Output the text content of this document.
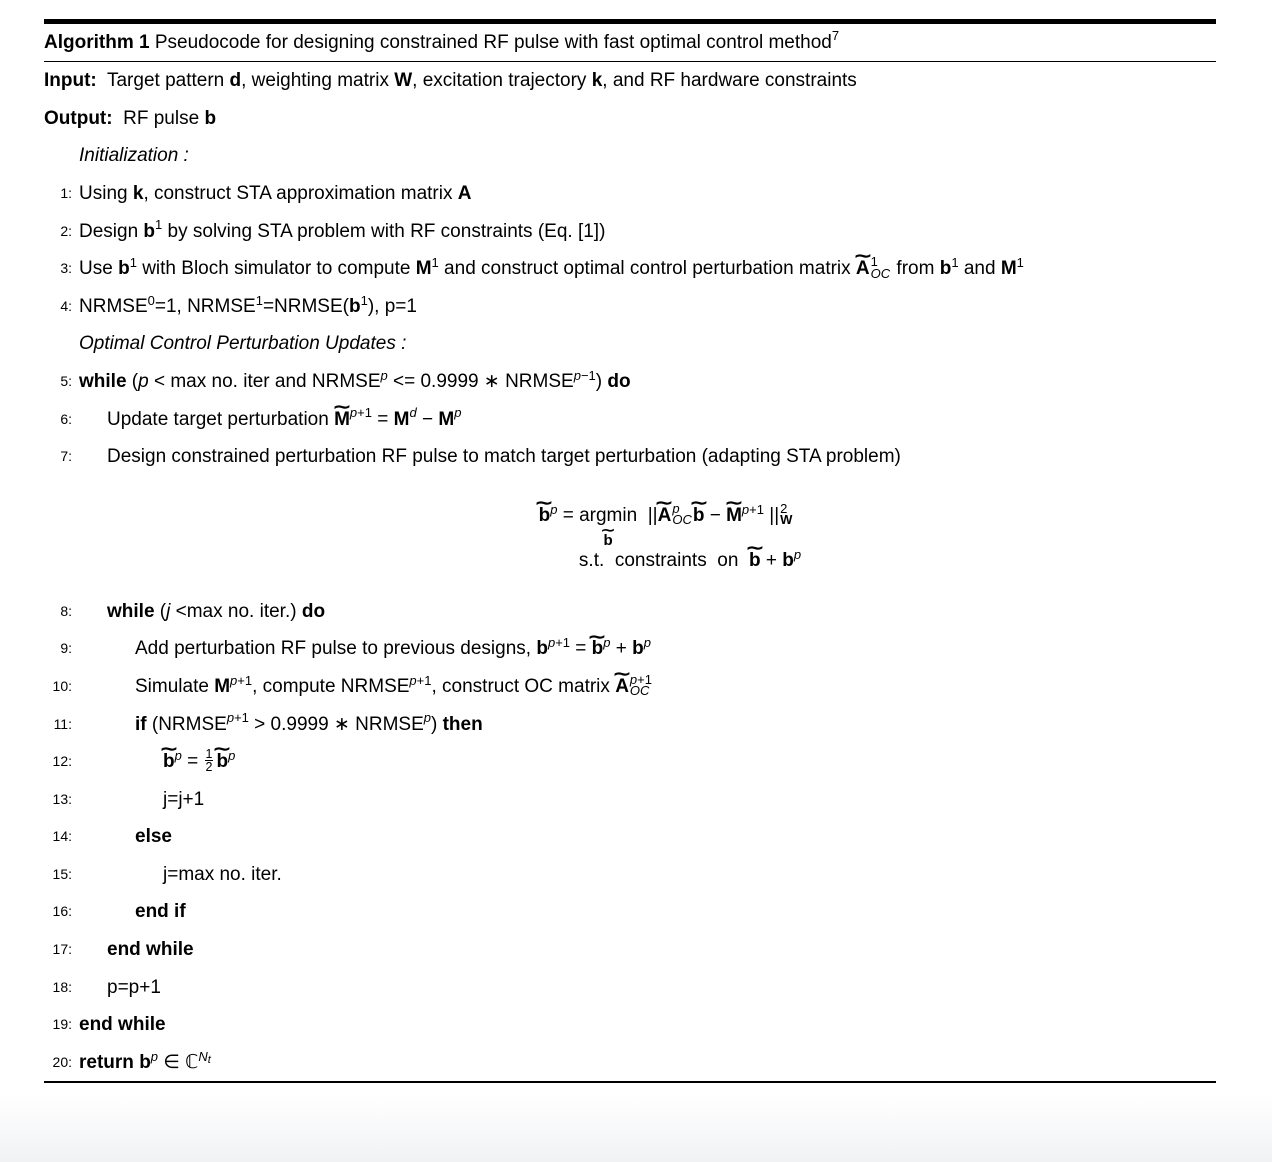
Algorithm 1 Pseudocode for designing constrained RF pulse with fast optimal control method$^7$
Input:  Target pattern d, weighting matrix W, excitation trajectory k, and RF hardware constraints
Output:  RF pulse b
Initialization :
1: Using k, construct STA approximation matrix A
2: Design $b^1$ by solving STA problem with RF constraints (Eq. [1])
3: Use $b^1$ with Bloch simulator to compute $M^1$ and construct optimal control perturbation matrix A ∼ 1
OC from $b^1$ and $M^1$
4: $NRMSE^0=1$, $NRMSE^1=NRMSE(b^1)$, p=1
Optimal Control Perturbation Updates :
5: while (p < max no. iter and $NRMSE^p <= 0.9999$ ∗ $NRMSE^{p-1}$) do
6: Update target perturbation M ∼$^{p+1}$ = $M^d - M^p$
7: Design constrained perturbation RF pulse to match target perturbation (adapting STA problem)
b ∼$^p$ = argmin
b ∼
||A ∼ p
OC b ∼ − M ∼$^{p+1}$ || 2
W
s.t.  constraints  on  b ∼ + $b^p$
8: while (j <max no. iter.) do
9:	Add perturbation RF pulse to previous designs, $b^{p+1} = b$ ∼$^p$ + $b^p$
10:	Simulate $M^{p+1}$, compute $NRMSE^{p+1}$, construct OC matrix A ∼ p+1
OC
11:	if ($NRMSE^{p+1} > 0.9999$ ∗ NRMSE$^p$) then
12:	b ∼$^p$ = $\frac{1}{2}$ b ∼$^p$
13:	j=j+1
14:	else
15:	j=max no. iter.
16:	end if
17: end while
18: p=p+1
19: end while
20: return $b^p$ ∈ ℂ$^{Nt}$
